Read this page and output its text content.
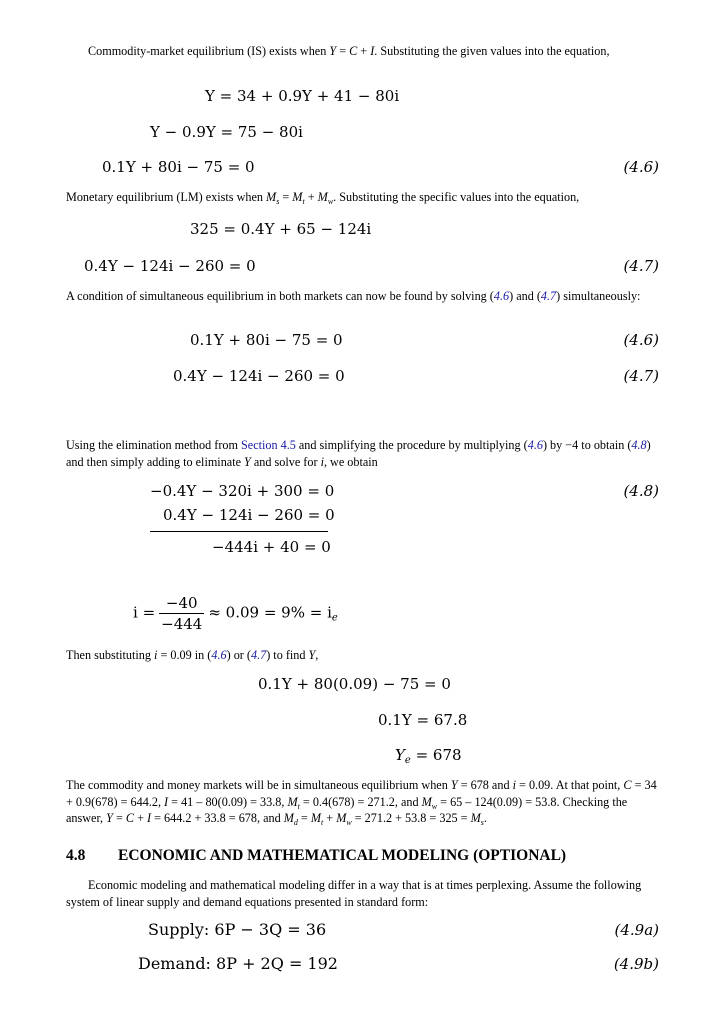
Commodity-market equilibrium (IS) exists when Y = C + I. Substituting the given values into the equation,

Y = 34 + 0.9Y + 41 − 80i
Y − 0.9Y = 75 − 80i
0.1Y + 80i − 75 = 0	(4.6)

Monetary equilibrium (LM) exists when $M_s = M_t + M_w$. Substituting the specific values into the equation,

325 = 0.4Y + 65 − 124i
0.4Y − 124i − 260 = 0	(4.7)

A condition of simultaneous equilibrium in both markets can now be found by solving (4.6) and (4.7) simultaneously:

0.1Y + 80i − 75 = 0	(4.6)
0.4Y − 124i − 260 = 0	(4.7)

Using the elimination method from Section 4.5 and simplifying the procedure by multiplying (4.6) by −4 to obtain (4.8) and then simply adding to eliminate Y and solve for i, we obtain

−0.4Y − 320i + 300 = 0	(4.8)
0.4Y − 124i − 260 = 0
−444i + 40 = 0
$i = \frac{-40}{-444} \approx 0.09 = 9\% = i_e$

Then substituting i = 0.09 in (4.6) or (4.7) to find Y,

0.1Y + 80(0.09) − 75 = 0
0.1Y = 67.8
$Y_e = 678$

The commodity and money markets will be in simultaneous equilibrium when Y = 678 and i = 0.09. At that point, C = 34 + 0.9(678) = 644.2, I = 41 – 80(0.09) = 33.8, $M_t = 0.4(678) = 271.2$, and $M_w = 65 - 124(0.09) = 53.8$. Checking the answer, Y = C + I = 644.2 + 33.8 = 678, and $M_d = M_t + M_w = 271.2 + 53.8 = 325 = M_s$.

4.8 ECONOMIC AND MATHEMATICAL MODELING (OPTIONAL)

Economic modeling and mathematical modeling differ in a way that is at times perplexing. Assume the following system of linear supply and demand equations presented in standard form:

Supply: 6P − 3Q = 36	(4.9a)
Demand: 8P + 2Q = 192	(4.9b)
